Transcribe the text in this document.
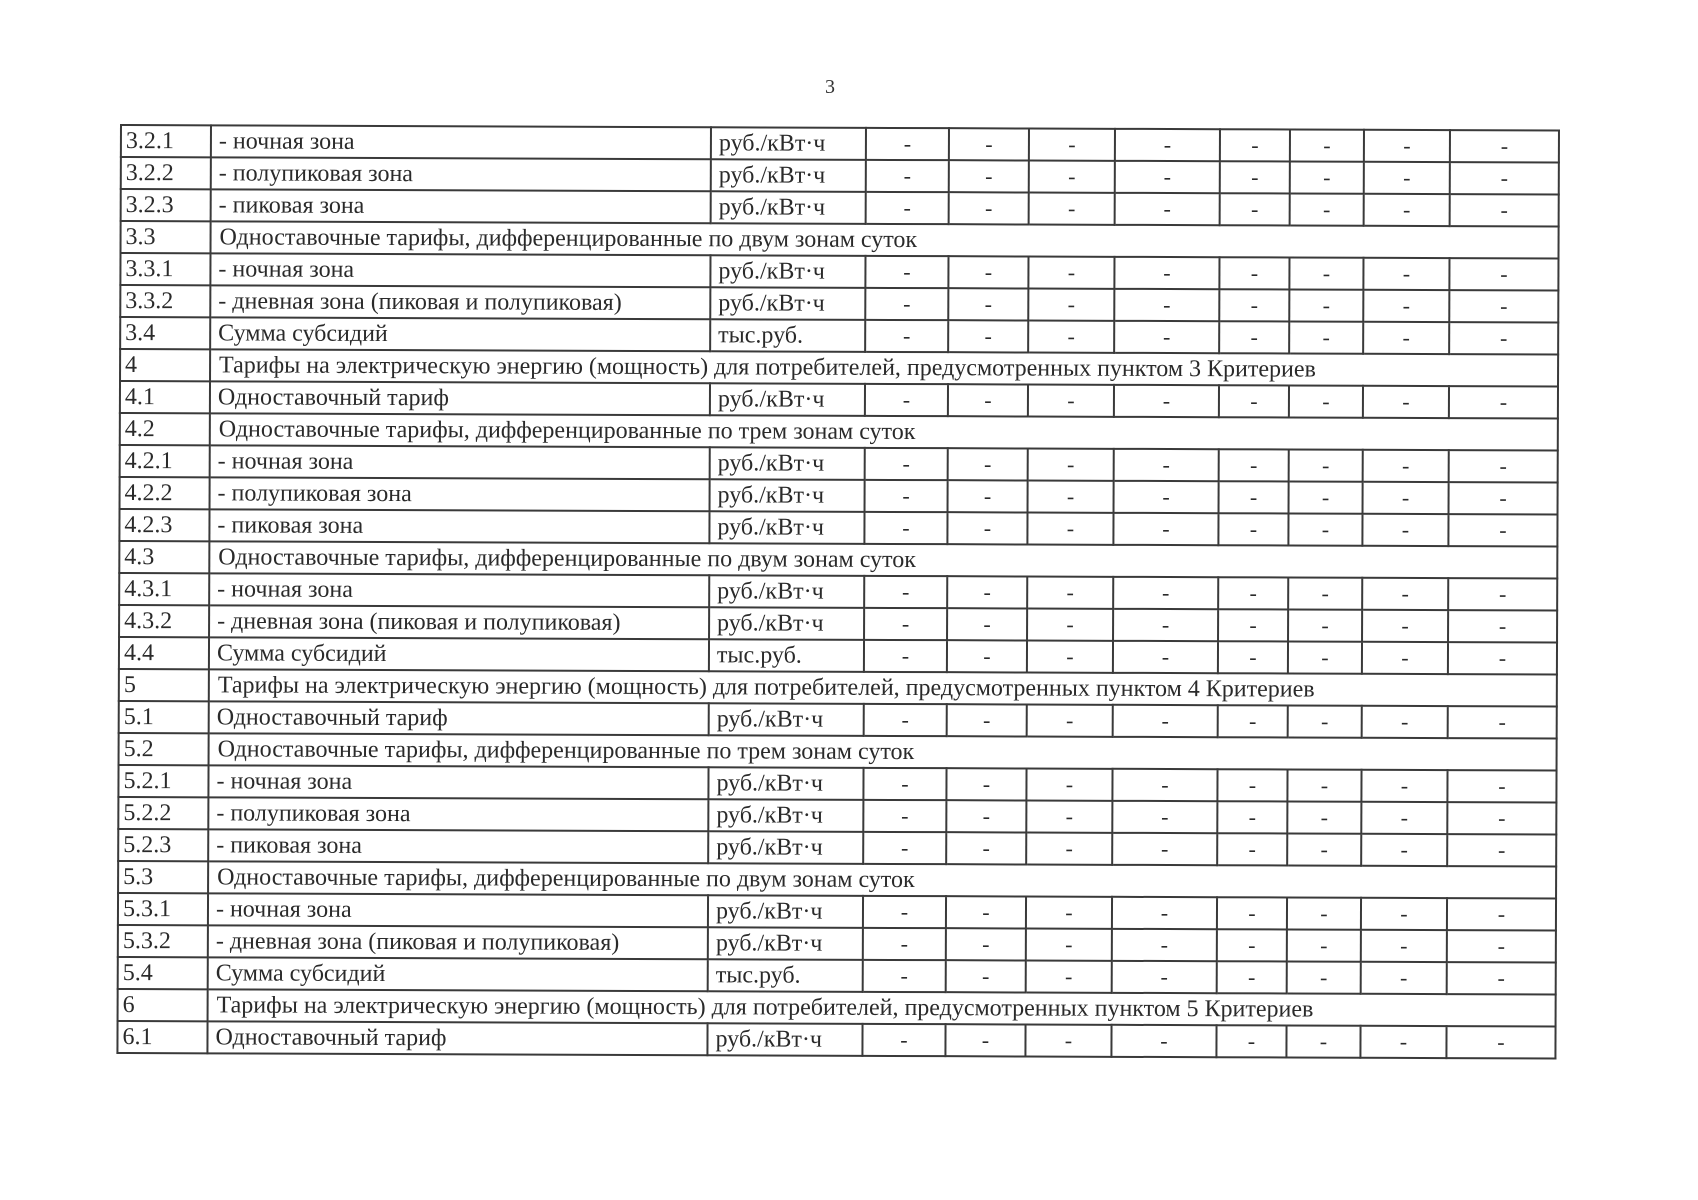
3
3.2.1	- ночная зона	руб./кВт·ч	-	-	-	-	-	-	-	-
3.2.2	- полупиковая зона	руб./кВт·ч	-	-	-	-	-	-	-	-
3.2.3	- пиковая зона	руб./кВт·ч	-	-	-	-	-	-	-	-
3.3	Одноставочные тарифы, дифференцированные по двум зонам суток									
3.3.1	- ночная зона	руб./кВт·ч	-	-	-	-	-	-	-	-
3.3.2	- дневная зона (пиковая и полупиковая)	руб./кВт·ч	-	-	-	-	-	-	-	-
3.4	Сумма субсидий	тыс.руб.	-	-	-	-	-	-	-	-
4	Тарифы на электрическую энергию (мощность) для потребителей, предусмотренных пунктом 3 Критериев									
4.1	Одноставочный тариф	руб./кВт·ч	-	-	-	-	-	-	-	-
4.2	Одноставочные тарифы, дифференцированные по трем зонам суток									
4.2.1	- ночная зона	руб./кВт·ч	-	-	-	-	-	-	-	-
4.2.2	- полупиковая зона	руб./кВт·ч	-	-	-	-	-	-	-	-
4.2.3	- пиковая зона	руб./кВт·ч	-	-	-	-	-	-	-	-
4.3	Одноставочные тарифы, дифференцированные по двум зонам суток									
4.3.1	- ночная зона	руб./кВт·ч	-	-	-	-	-	-	-	-
4.3.2	- дневная зона (пиковая и полупиковая)	руб./кВт·ч	-	-	-	-	-	-	-	-
4.4	Сумма субсидий	тыс.руб.	-	-	-	-	-	-	-	-
5	Тарифы на электрическую энергию (мощность) для потребителей, предусмотренных пунктом 4 Критериев									
5.1	Одноставочный тариф	руб./кВт·ч	-	-	-	-	-	-	-	-
5.2	Одноставочные тарифы, дифференцированные по трем зонам суток									
5.2.1	- ночная зона	руб./кВт·ч	-	-	-	-	-	-	-	-
5.2.2	- полупиковая зона	руб./кВт·ч	-	-	-	-	-	-	-	-
5.2.3	- пиковая зона	руб./кВт·ч	-	-	-	-	-	-	-	-
5.3	Одноставочные тарифы, дифференцированные по двум зонам суток									
5.3.1	- ночная зона	руб./кВт·ч	-	-	-	-	-	-	-	-
5.3.2	- дневная зона (пиковая и полупиковая)	руб./кВт·ч	-	-	-	-	-	-	-	-
5.4	Сумма субсидий	тыс.руб.	-	-	-	-	-	-	-	-
6	Тарифы на электрическую энергию (мощность) для потребителей, предусмотренных пунктом 5 Критериев									
6.1	Одноставочный тариф	руб./кВт·ч	-	-	-	-	-	-	-	-
